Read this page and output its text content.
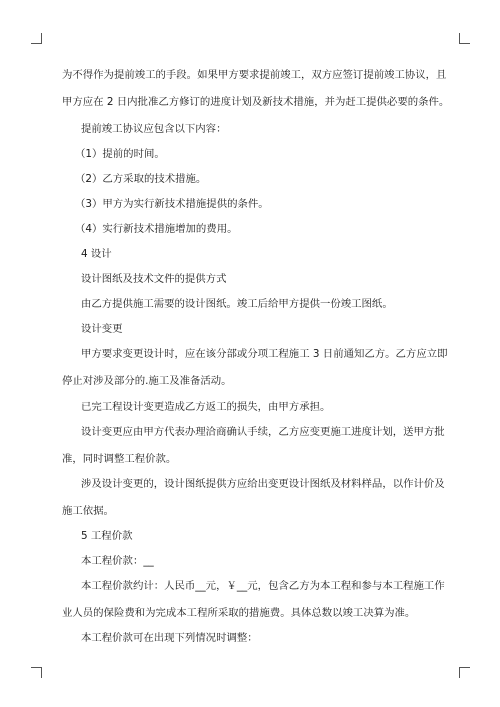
为不得作为提前竣工的手段。如果甲方要求提前竣工，双方应签订提前竣工协议，且
甲方应在 2 日内批准乙方修订的进度计划及新技术措施，并为赶工提供必要的条件。
提前竣工协议应包含以下内容：
（1）提前的时间。
（2）乙方采取的技术措施。
（3）甲方为实行新技术措施提供的条件。
（4）实行新技术措施增加的费用。
4 设计
设计图纸及技术文件的提供方式
由乙方提供施工需要的设计图纸。竣工后给甲方提供一份竣工图纸。
设计变更
甲方要求变更设计时，应在该分部或分项工程施工 3 日前通知乙方。乙方应立即
停止对涉及部分的.施工及准备活动。
已完工程设计变更造成乙方返工的损失，由甲方承担。
设计变更应由甲方代表办理洽商确认手续，乙方应变更施工进度计划，送甲方批
准，同时调整工程价款。
涉及设计变更的，设计图纸提供方应给出变更设计图纸及材料样品，以作计价及
施工依据。
5 工程价款
本工程价款：__
本工程价款约计：人民币__元，￥__元，包含乙方为本工程和参与本工程施工作
业人员的保险费和为完成本工程所采取的措施费。具体总数以竣工决算为准。
本工程价款可在出现下列情况时调整：
